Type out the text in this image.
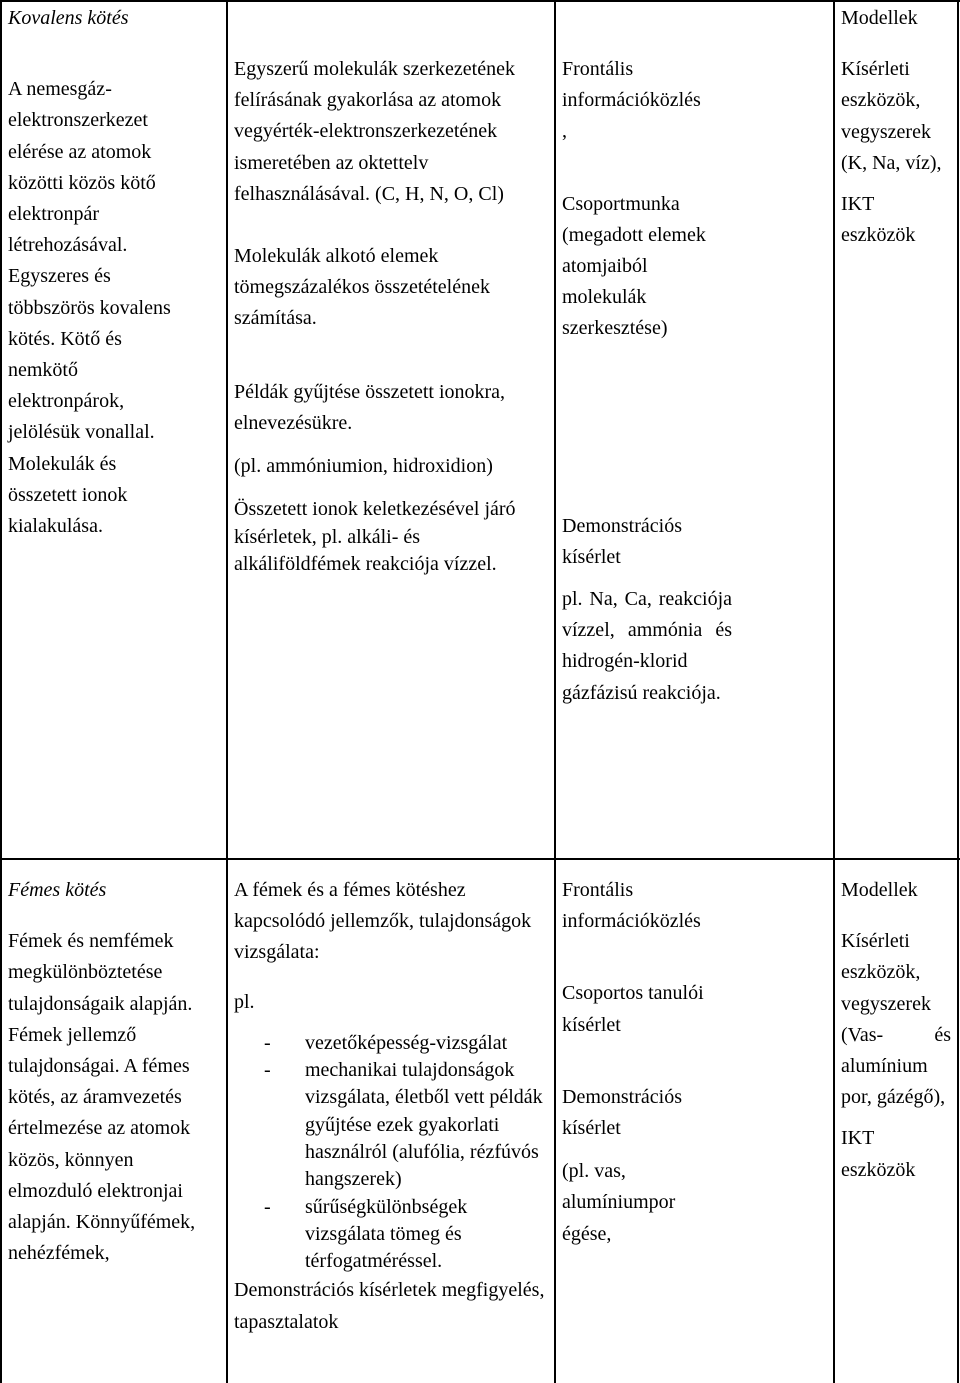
Kovalens kötés

A nemesgáz-elektronszerkezet elérése az atomok közötti közös kötő elektronpár létrehozásával. Egyszeres és többszörös kovalens kötés. Kötő és nemkötő elektronpárok, jelölésük vonallal. Molekulák és összetett ionok kialakulása.

Egyszerű molekulák szerkezetének felírásának gyakorlása az atomok vegyérték-elektronszerkezetének ismeretében az oktettelv felhasználásával. (C, H, N, O, Cl)

Molekulák alkotó elemek tömegszázalékos összetételének számítása.

Példák gyűjtése összetett ionokra, elnevezésükre.

(pl. ammóniumion, hidroxidion)

Összetett ionok keletkezésével járó kísérletek, pl. alkáli- és alkáliföldfémek reakciója vízzel.

Frontális információközlés

,

Csoportmunka (megadott elemek atomjaiból molekulák szerkesztése)

Demonstrációs kísérlet

pl. Na, Ca, reakciója vízzel, ammónia és hidrogén-klorid gázfázisú reakciója.

Modellek

Kísérleti eszközök, vegyszerek (K, Na, víz),

IKT eszközök

Fémes kötés

Fémek és nemfémek megkülönböztetése tulajdonságaik alapján. Fémek jellemző tulajdonságai. A fémes kötés, az áramvezetés értelmezése az atomok közös, könnyen elmozduló elektronjai alapján. Könnyűfémek, nehézfémek,

A fémek és a fémes kötéshez kapcsolódó jellemzők, tulajdonságok vizsgálata:

pl.

- vezetőképesség-vizsgálat
- mechanikai tulajdonságok vizsgálata, életből vett példák gyűjtése ezek gyakorlati használról (alufólia, rézfúvós hangszerek)
- sűrűségkülönbségek vizsgálata tömeg és térfogatméréssel.

Demonstrációs kísérletek megfigyelés, tapasztalatok

Frontális információközlés

Csoportos tanulói kísérlet

Demonstrációs kísérlet

(pl. vas, alumíniumpor égése,

Modellek

Kísérleti eszközök, vegyszerek (Vas- és alumínium por, gázégő),

IKT eszközök
